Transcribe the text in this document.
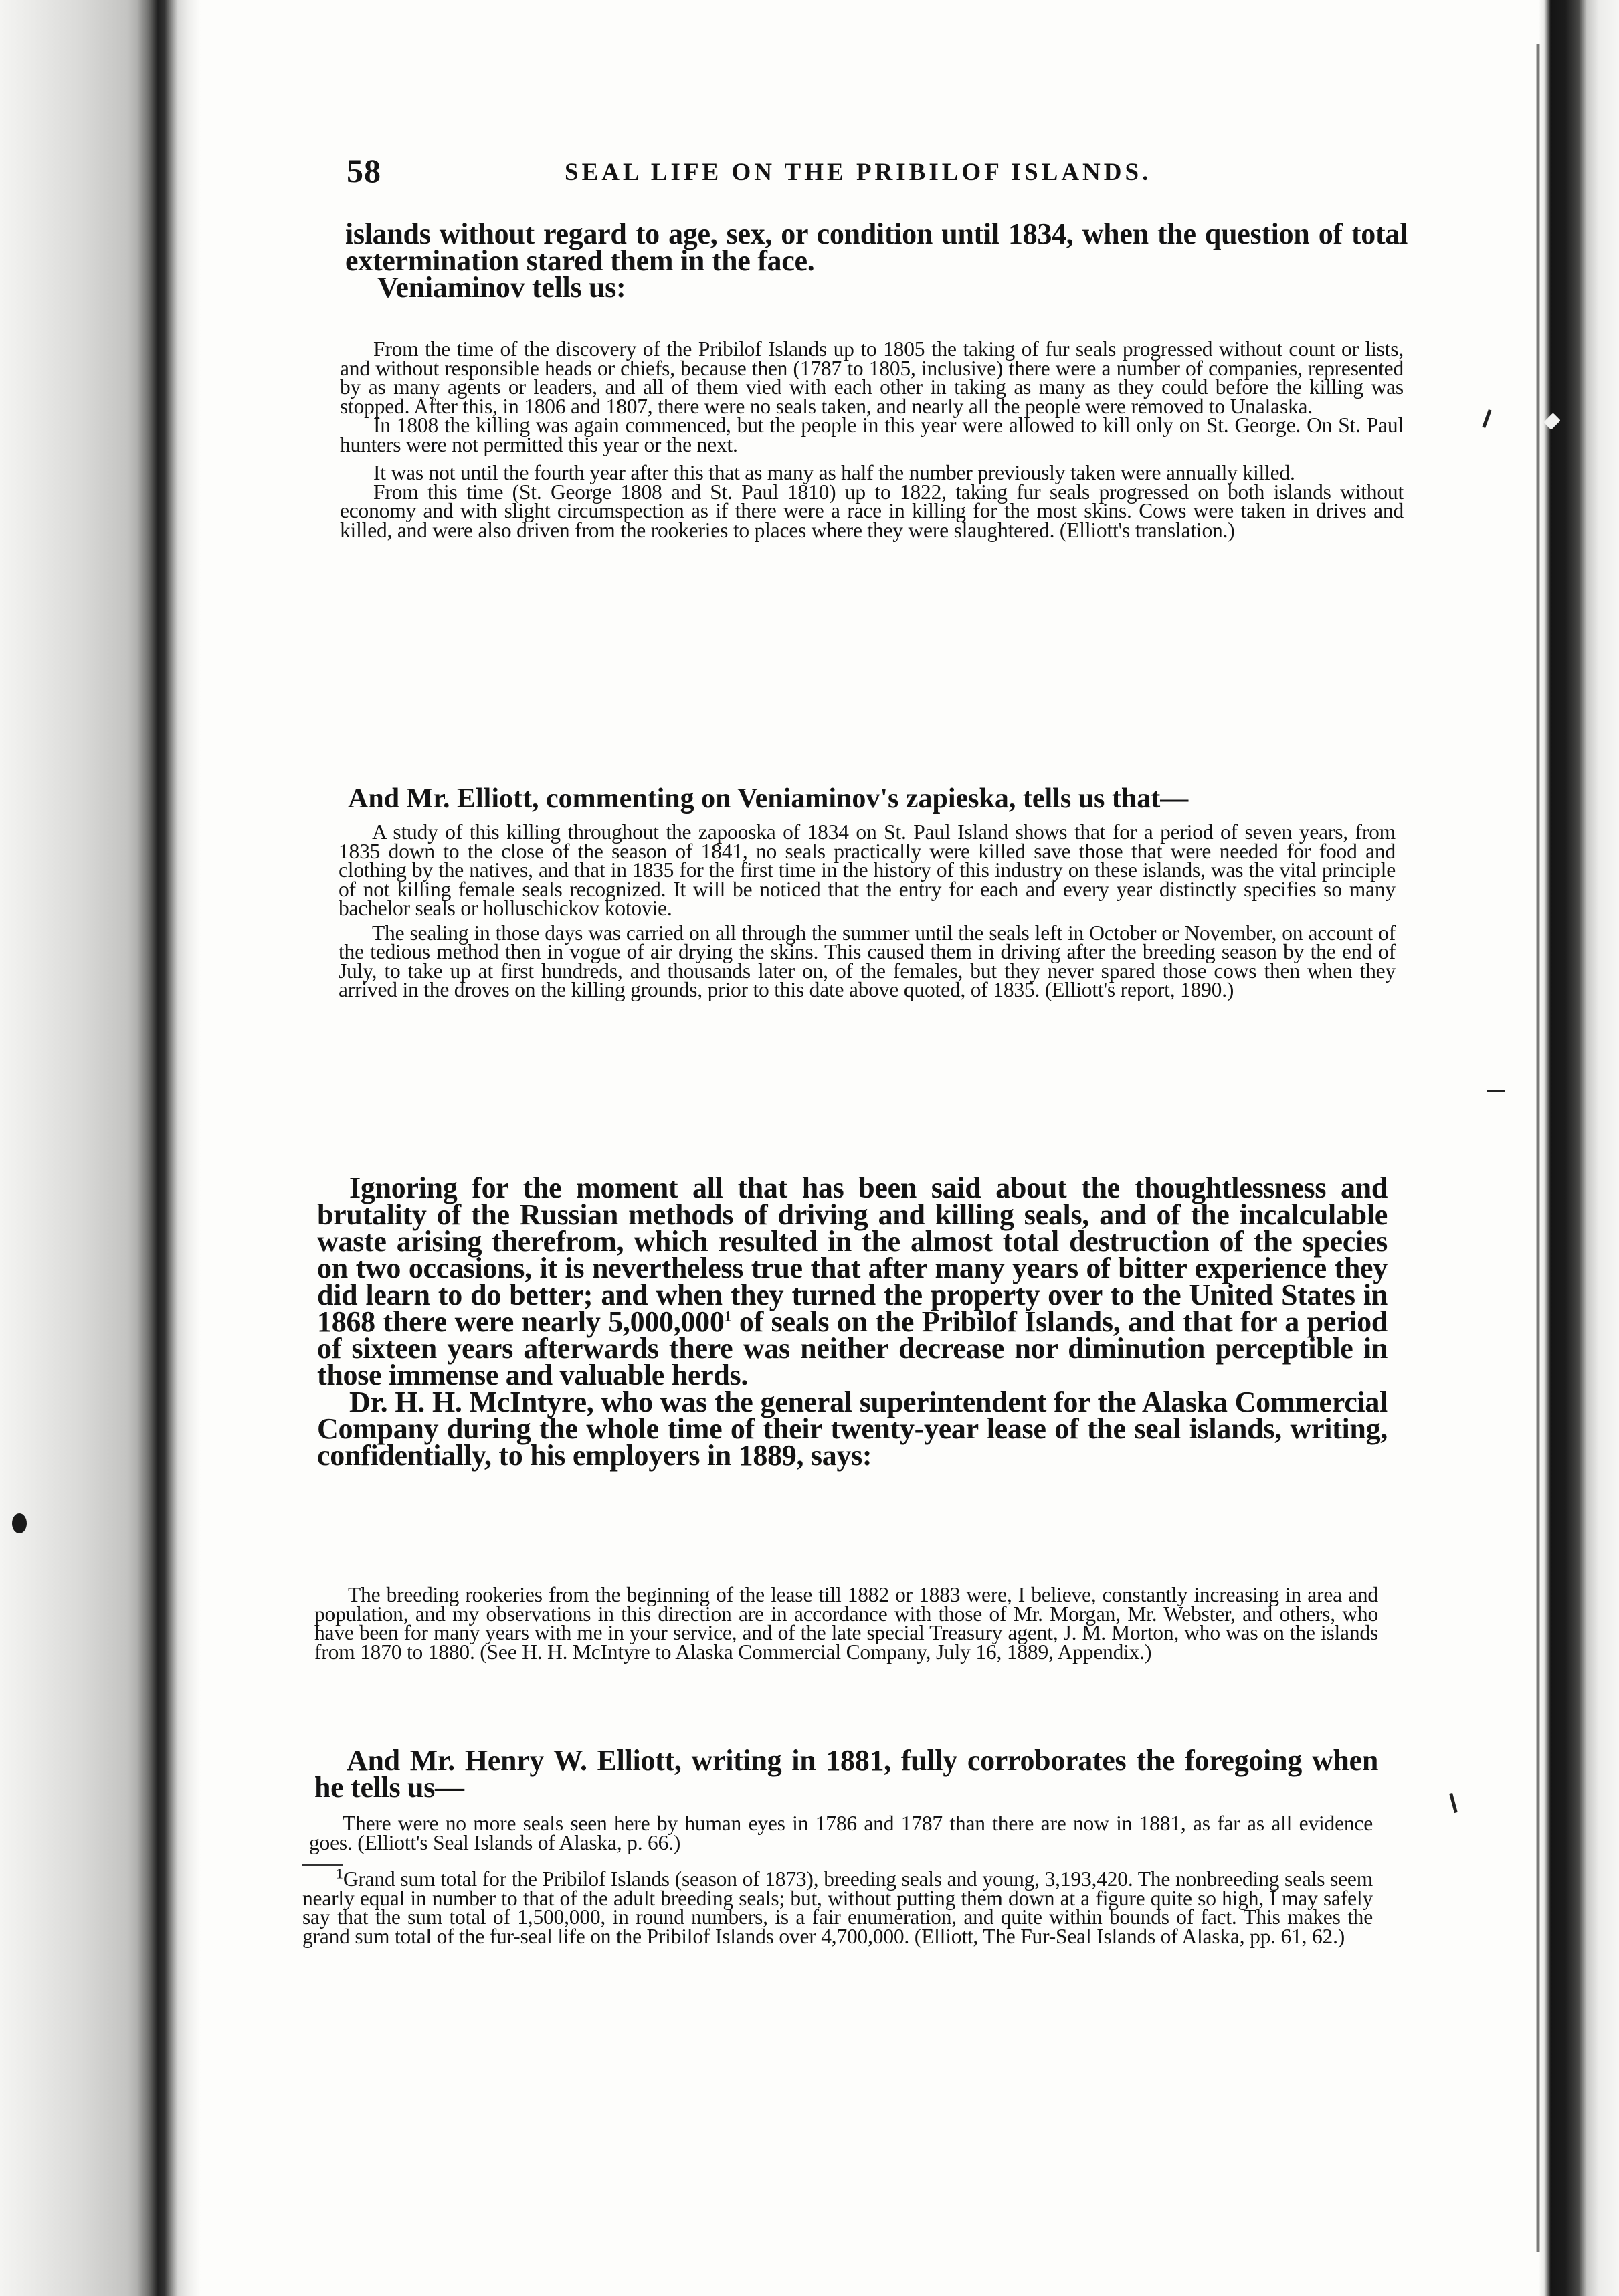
58	SEAL LIFE ON THE PRIBILOF ISLANDS.

islands without regard to age, sex, or condition until 1834, when the question of total extermination stared them in the face.

Veniaminov tells us:

From the time of the discovery of the Pribilof Islands up to 1805 the taking of fur seals progressed without count or lists, and without responsible heads or chiefs, because then (1787 to 1805, inclusive) there were a number of companies, represented by as many agents or leaders, and all of them vied with each other in taking as many as they could before the killing was stopped. After this, in 1806 and 1807, there were no seals taken, and nearly all the people were removed to Unalaska.

In 1808 the killing was again commenced, but the people in this year were allowed to kill only on St. George. On St. Paul hunters were not permitted this year or the next.

It was not until the fourth year after this that as many as half the number previously taken were annually killed.

From this time (St. George 1808 and St. Paul 1810) up to 1822, taking fur seals progressed on both islands without economy and with slight circumspection as if there were a race in killing for the most skins. Cows were taken in drives and killed, and were also driven from the rookeries to places where they were slaughtered. (Elliott's translation.)

And Mr. Elliott, commenting on Veniaminov's zapieska, tells us that—

A study of this killing throughout the zapooska of 1834 on St. Paul Island shows that for a period of seven years, from 1835 down to the close of the season of 1841, no seals practically were killed save those that were needed for food and clothing by the natives, and that in 1835 for the first time in the history of this industry on these islands, was the vital principle of not killing female seals recognized. It will be noticed that the entry for each and every year distinctly specifies so many bachelor seals or holluschickov kotovie.

The sealing in those days was carried on all through the summer until the seals left in October or November, on account of the tedious method then in vogue of air drying the skins. This caused them in driving after the breeding season by the end of July, to take up at first hundreds, and thousands later on, of the females, but they never spared those cows then when they arrived in the droves on the killing grounds, prior to this date above quoted, of 1835. (Elliott's report, 1890.)

Ignoring for the moment all that has been said about the thoughtlessness and brutality of the Russian methods of driving and killing seals, and of the incalculable waste arising therefrom, which resulted in the almost total destruction of the species on two occasions, it is nevertheless true that after many years of bitter experience they did learn to do better; and when they turned the property over to the United States in 1868 there were nearly 5,000,000$^1$ of seals on the Pribilof Islands, and that for a period of sixteen years afterwards there was neither decrease nor diminution perceptible in those immense and valuable herds.

Dr. H. H. McIntyre, who was the general superintendent for the Alaska Commercial Company during the whole time of their twenty-year lease of the seal islands, writing, confidentially, to his employers in 1889, says:

The breeding rookeries from the beginning of the lease till 1882 or 1883 were, I believe, constantly increasing in area and population, and my observations in this direction are in accordance with those of Mr. Morgan, Mr. Webster, and others, who have been for many years with me in your service, and of the late special Treasury agent, J. M. Morton, who was on the islands from 1870 to 1880. (See H. H. McIntyre to Alaska Commercial Company, July 16, 1889, Appendix.)

And Mr. Henry W. Elliott, writing in 1881, fully corroborates the foregoing when he tells us—

There were no more seals seen here by human eyes in 1786 and 1787 than there are now in 1881, as far as all evidence goes. (Elliott's Seal Islands of Alaska, p. 66.)

$^1$Grand sum total for the Pribilof Islands (season of 1873), breeding seals and young, 3,193,420. The nonbreeding seals seem nearly equal in number to that of the adult breeding seals; but, without putting them down at a figure quite so high, I may safely say that the sum total of 1,500,000, in round numbers, is a fair enumeration, and quite within bounds of fact. This makes the grand sum total of the fur-seal life on the Pribilof Islands over 4,700,000. (Elliott, The Fur-Seal Islands of Alaska, pp. 61, 62.)
